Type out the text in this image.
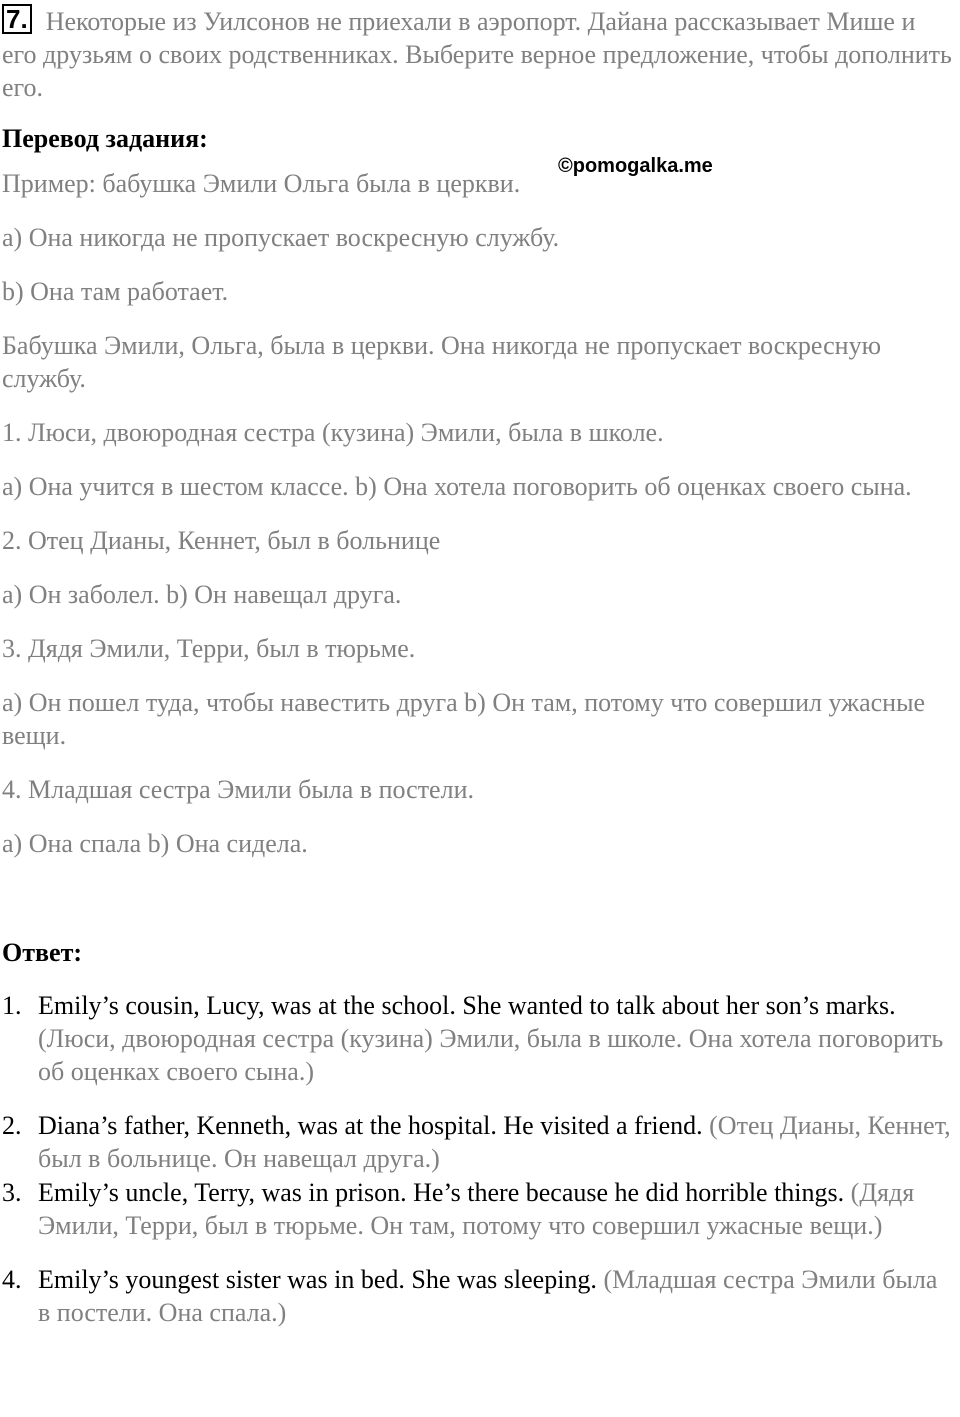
7. Некоторые из Уилсонов не приехали в аэропорт. Дайана рассказывает Мише и его друзьям о своих родственниках. Выберите верное предложение, чтобы дополнить его.

Перевод задания:

Пример: бабушка Эмили Ольга была в церкви.

a) Она никогда не пропускает воскресную службу.

b) Она там работает.

Бабушка Эмили, Ольга, была в церкви. Она никогда не пропускает воскресную службу.

1. Люси, двоюродная сестра (кузина) Эмили, была в школе.

a) Она учится в шестом классе. b) Она хотела поговорить об оценках своего сына.

2. Отец Дианы, Кеннет, был в больнице

a) Он заболел. b) Он навещал друга.

3. Дядя Эмили, Терри, был в тюрьме.

a) Он пошел туда, чтобы навестить друга b) Он там, потому что совершил ужасные вещи.

4. Младшая сестра Эмили была в постели.

a) Она спала b) Она сидела.

Ответ:

1. Emily’s cousin, Lucy, was at the school. She wanted to talk about her son’s marks. (Люси, двоюродная сестра (кузина) Эмили, была в школе. Она хотела поговорить об оценках своего сына.)
2. Diana’s father, Kenneth, was at the hospital. He visited a friend. (Отец Дианы, Кеннет, был в больнице. Он навещал друга.)
3. Emily’s uncle, Terry, was in prison. He’s there because he did horrible things. (Дядя Эмили, Терри, был в тюрьме. Он там, потому что совершил ужасные вещи.)
4. Emily’s youngest sister was in bed. She was sleeping. (Младшая сестра Эмили была в постели. Она спала.)
©pomogalka.me
